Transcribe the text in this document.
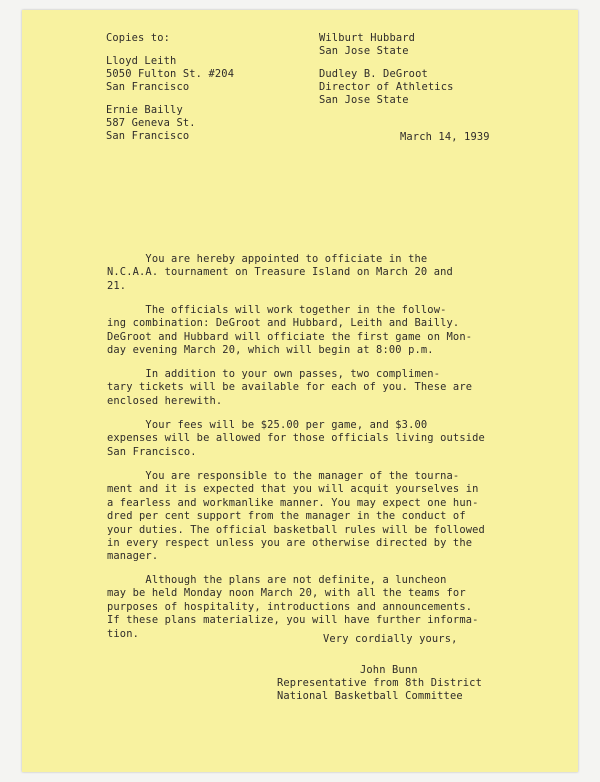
Copies to:
Lloyd Leith
5050 Fulton St. #204
San Francisco
Ernie Bailly
587 Geneva St.
San Francisco
Wilburt Hubbard
San Jose State
Dudley B. DeGroot
Director of Athletics
San Jose State
March 14, 1939
You are hereby appointed to officiate in the
N.C.A.A. tournament on Treasure Island on March 20 and
21.
The officials will work together in the follow-
ing combination: DeGroot and Hubbard, Leith and Bailly.
DeGroot and Hubbard will officiate the first game on Mon-
day evening March 20, which will begin at 8:00 p.m.
In addition to your own passes, two complimen-
tary tickets will be available for each of you. These are
enclosed herewith.
Your fees will be $25.00 per game, and $3.00
expenses will be allowed for those officials living outside
San Francisco.
You are responsible to the manager of the tourna-
ment and it is expected that you will acquit yourselves in
a fearless and workmanlike manner. You may expect one hun-
dred per cent support from the manager in the conduct of
your duties. The official basketball rules will be followed
in every respect unless you are otherwise directed by the
manager.
Although the plans are not definite, a luncheon
may be held Monday noon March 20, with all the teams for
purposes of hospitality, introductions and announcements.
If these plans materialize, you will have further informa-
tion.	Very cordially yours,
John Bunn
Representative from 8th District
National Basketball Committee
